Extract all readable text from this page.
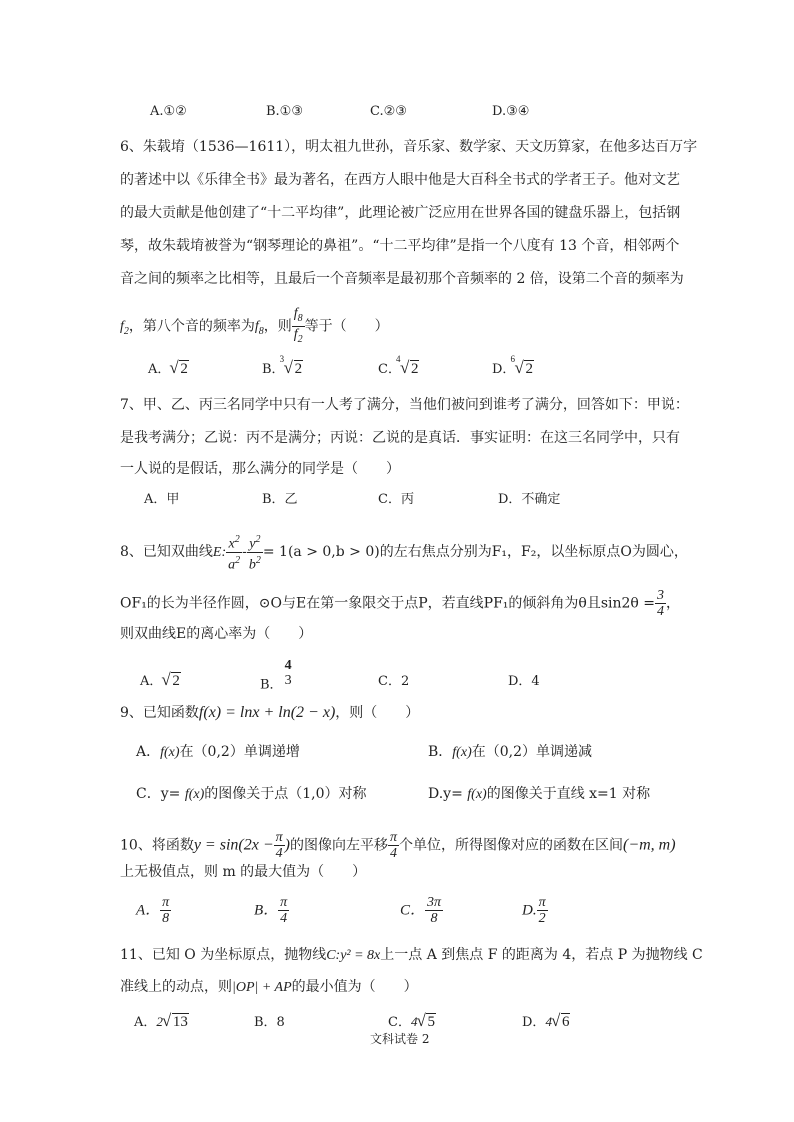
A.①②	B.①③	C.②③	D.③④
6、朱载堉（1536—1611），明太祖九世孙，音乐家、数学家、天文历算家，在他多达百万字
的著述中以《乐律全书》最为著名，在西方人眼中他是大百科全书式的学者王子。他对文艺
的最大贡献是他创建了“十二平均律”，此理论被广泛应用在世界各国的键盘乐器上，包括钢
琴，故朱载堉被誉为“钢琴理论的鼻祖”。“十二平均律”是指一个八度有 13 个音，相邻两个
音之间的频率之比相等，且最后一个音频率是最初那个音频率的 2 倍，设第二个音的频率为
$f_2$，第八个音的频率为$f_8$，则 $\frac{f_8}{f_2}$ 等于（　　）
A． √ 2	B．
3 √ 2	C．
4 √ 2	D．
6 √ 2
7、甲、乙、丙三名同学中只有一人考了满分，当他们被问到谁考了满分，回答如下：甲说：
是我考满分；乙说：丙不是满分；丙说：乙说的是真话．事实证明：在这三名同学中，只有
一人说的是假话，那么满分的同学是（　　）
A．甲	B．乙	C．丙	D．不确定
8、已知双曲线E: $\frac{x^2}{a^2} - \frac{y^2}{b^2} = 1(a > 0,b > 0)$的左右焦点分别为F₁，F₂，以坐标原点O为圆心，
OF₁的长为半径作圆，⊙O与E在第一象限交于点P，若直线PF₁的倾斜角为θ且$\sin 2\theta = \frac{3}{4}$ ，
则双曲线E的离心率为（　　）
A． √ 2	B．
4
3	C．2	D．4
9、已知函数f(x) = lnx + ln(2 − x)，则（　　）
A．f(x)在（0,2）单调递增	B．f(x)在（0,2）单调递减
C．y= f(x)的图像关于点（1,0）对称	D.y= f(x)的图像关于直线 x=1 对称
10、将函数$y = \sin(2x - \frac{\pi}{4}$ )的图像向左平移 $\frac{\pi}{4}$ 个单位，所得图像对应的函数在区间(−m, m)
上无极值点，则 m 的最大值为（　　）
A． $\frac{\pi}{8}$	B． $\frac{\pi}{4}$	C． $\frac{3\pi}{8}$	D. $\frac{\pi}{2}$
11、已知 O 为坐标原点，抛物线C:y² = 8x上一点 A 到焦点 F 的距离为 4，若点 P 为抛物线 C
准线上的动点，则|OP| + AP的最小值为（　　）
A．2 √ 13	B．8	C．4 √ 5	D．4 √ 6
文科试卷 2
